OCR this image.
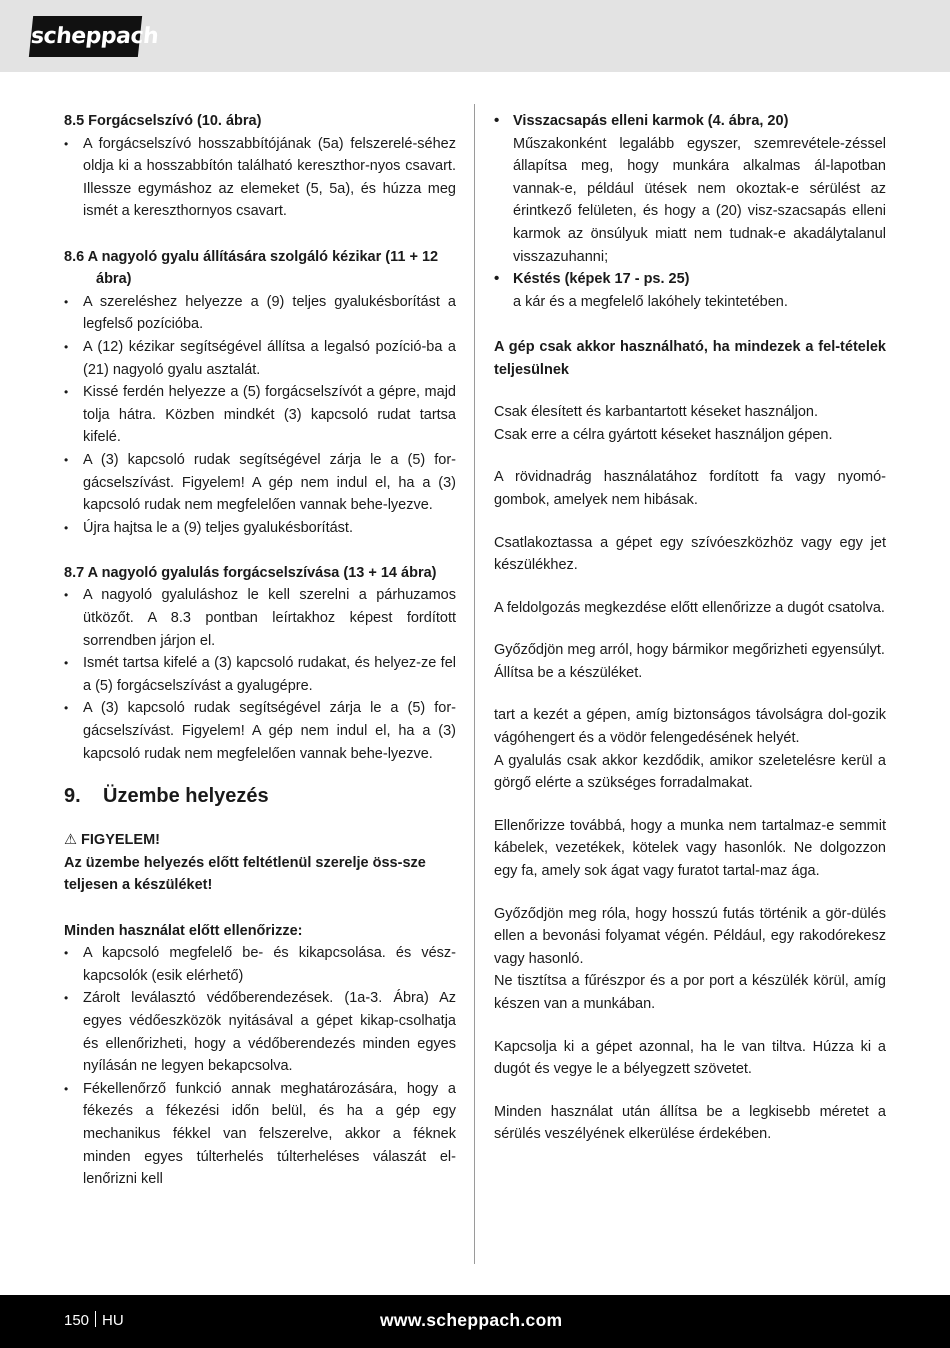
scheppach

8.5 Forgácselszívó (10. ábra)

• A forgácselszívó hosszabbítójának (5a) felszerelé-séhez oldja ki a hosszabbítón található kereszthor-nyos csavart. Illessze egymáshoz az elemeket (5, 5a), és húzza meg ismét a kereszthornyos csavart.

8.6 A nagyoló gyalu állítására szolgáló kézikar (11 + 12 ábra)

• A szereléshez helyezze a (9) teljes gyalukésborítást a legfelső pozícióba.
• A (12) kézikar segítségével állítsa a legalsó pozíció-ba a (21) nagyoló gyalu asztalát.
• Kissé ferdén helyezze a (5) forgácselszívót a gépre, majd tolja hátra. Közben mindkét (3) kapcsoló rudat tartsa kifelé.
• A (3) kapcsoló rudak segítségével zárja le a (5) for-gácselszívást. Figyelem! A gép nem indul el, ha a (3) kapcsoló rudak nem megfelelően vannak behe-lyezve.
• Újra hajtsa le a (9) teljes gyalukésborítást.

8.7 A nagyoló gyalulás forgácselszívása (13 + 14 ábra)

• A nagyoló gyaluláshoz le kell szerelni a párhuzamos ütközőt. A 8.3 pontban leírtakhoz képest fordított sorrendben járjon el.
• Ismét tartsa kifelé a (3) kapcsoló rudakat, és helyez-ze fel a (5) forgácselszívást a gyalugépre.
• A (3) kapcsoló rudak segítségével zárja le a (5) for-gácselszívást. Figyelem! A gép nem indul el, ha a (3) kapcsoló rudak nem megfelelően vannak behe-lyezve.
9. Üzembe helyezés

⚠ FIGYELEM!

Az üzembe helyezés előtt feltétlenül szerelje öss-sze teljesen a készüléket!

Minden használat előtt ellenőrizze:

• A kapcsoló megfelelő be- és kikapcsolása. és vész-kapcsolók (esik elérhető)
• Zárolt leválasztó védőberendezések. (1a-3. Ábra) Az egyes védőeszközök nyitásával a gépet kikap-csolhatja és ellenőrizheti, hogy a védőberendezés minden egyes nyílásán ne legyen bekapcsolva.
• Fékellenőrző funkció annak meghatározására, hogy a fékezés a fékezési időn belül, és ha a gép egy mechanikus fékkel van felszerelve, akkor a féknek minden egyes túlterhelés túlterheléses válaszát el-lenőrizni kell
• Visszacsapás elleni karmok (4. ábra, 20)
Műszakonként legalább egyszer, szemrevétele-zéssel állapítsa meg, hogy munkára alkalmas ál-lapotban vannak-e, például ütések nem okoztak-e sérülést az érintkező felületen, és hogy a (20) visz-szacsapás elleni karmok az önsúlyuk miatt nem tudnak-e akadálytalanul visszazuhanni;
• Késtés (képek 17 - ps. 25)
a kár és a megfelelő lakóhely tekintetében.

A gép csak akkor használható, ha mindezek a fel-tételek teljesülnek

Csak élesített és karbantartott késeket használjon.

Csak erre a célra gyártott késeket használjon gépen.

A rövidnadrág használatához fordított fa vagy nyomó-gombok, amelyek nem hibásak.

Csatlakoztassa a gépet egy szívóeszközhöz vagy egy jet készülékhez.

A feldolgozás megkezdése előtt ellenőrizze a dugót csatolva.

Győződjön meg arról, hogy bármikor megőrizheti egyensúlyt.

Állítsa be a készüléket.

tart a kezét a gépen, amíg biztonságos távolságra dol-gozik vágóhengert és a vödör felengedésének helyét.

A gyalulás csak akkor kezdődik, amikor szeletelésre kerül a görgő elérte a szükséges forradalmakat.

Ellenőrizze továbbá, hogy a munka nem tartalmaz-e semmit kábelek, vezetékek, kötelek vagy hasonlók. Ne dolgozzon egy fa, amely sok ágat vagy furatot tartal-maz ága.

Győződjön meg róla, hogy hosszú futás történik a gör-dülés ellen a bevonási folyamat végén. Például, egy rakodórekesz vagy hasonló.

Ne tisztítsa a fűrészpor és a por port a készülék körül, amíg készen van a munkában.

Kapcsolja ki a gépet azonnal, ha le van tiltva. Húzza ki a dugót és vegye le a bélyegzett szövetet.

Minden használat után állítsa be a legkisebb méretet a sérülés veszélyének elkerülése érdekében.

150 HU	www.scheppach.com
